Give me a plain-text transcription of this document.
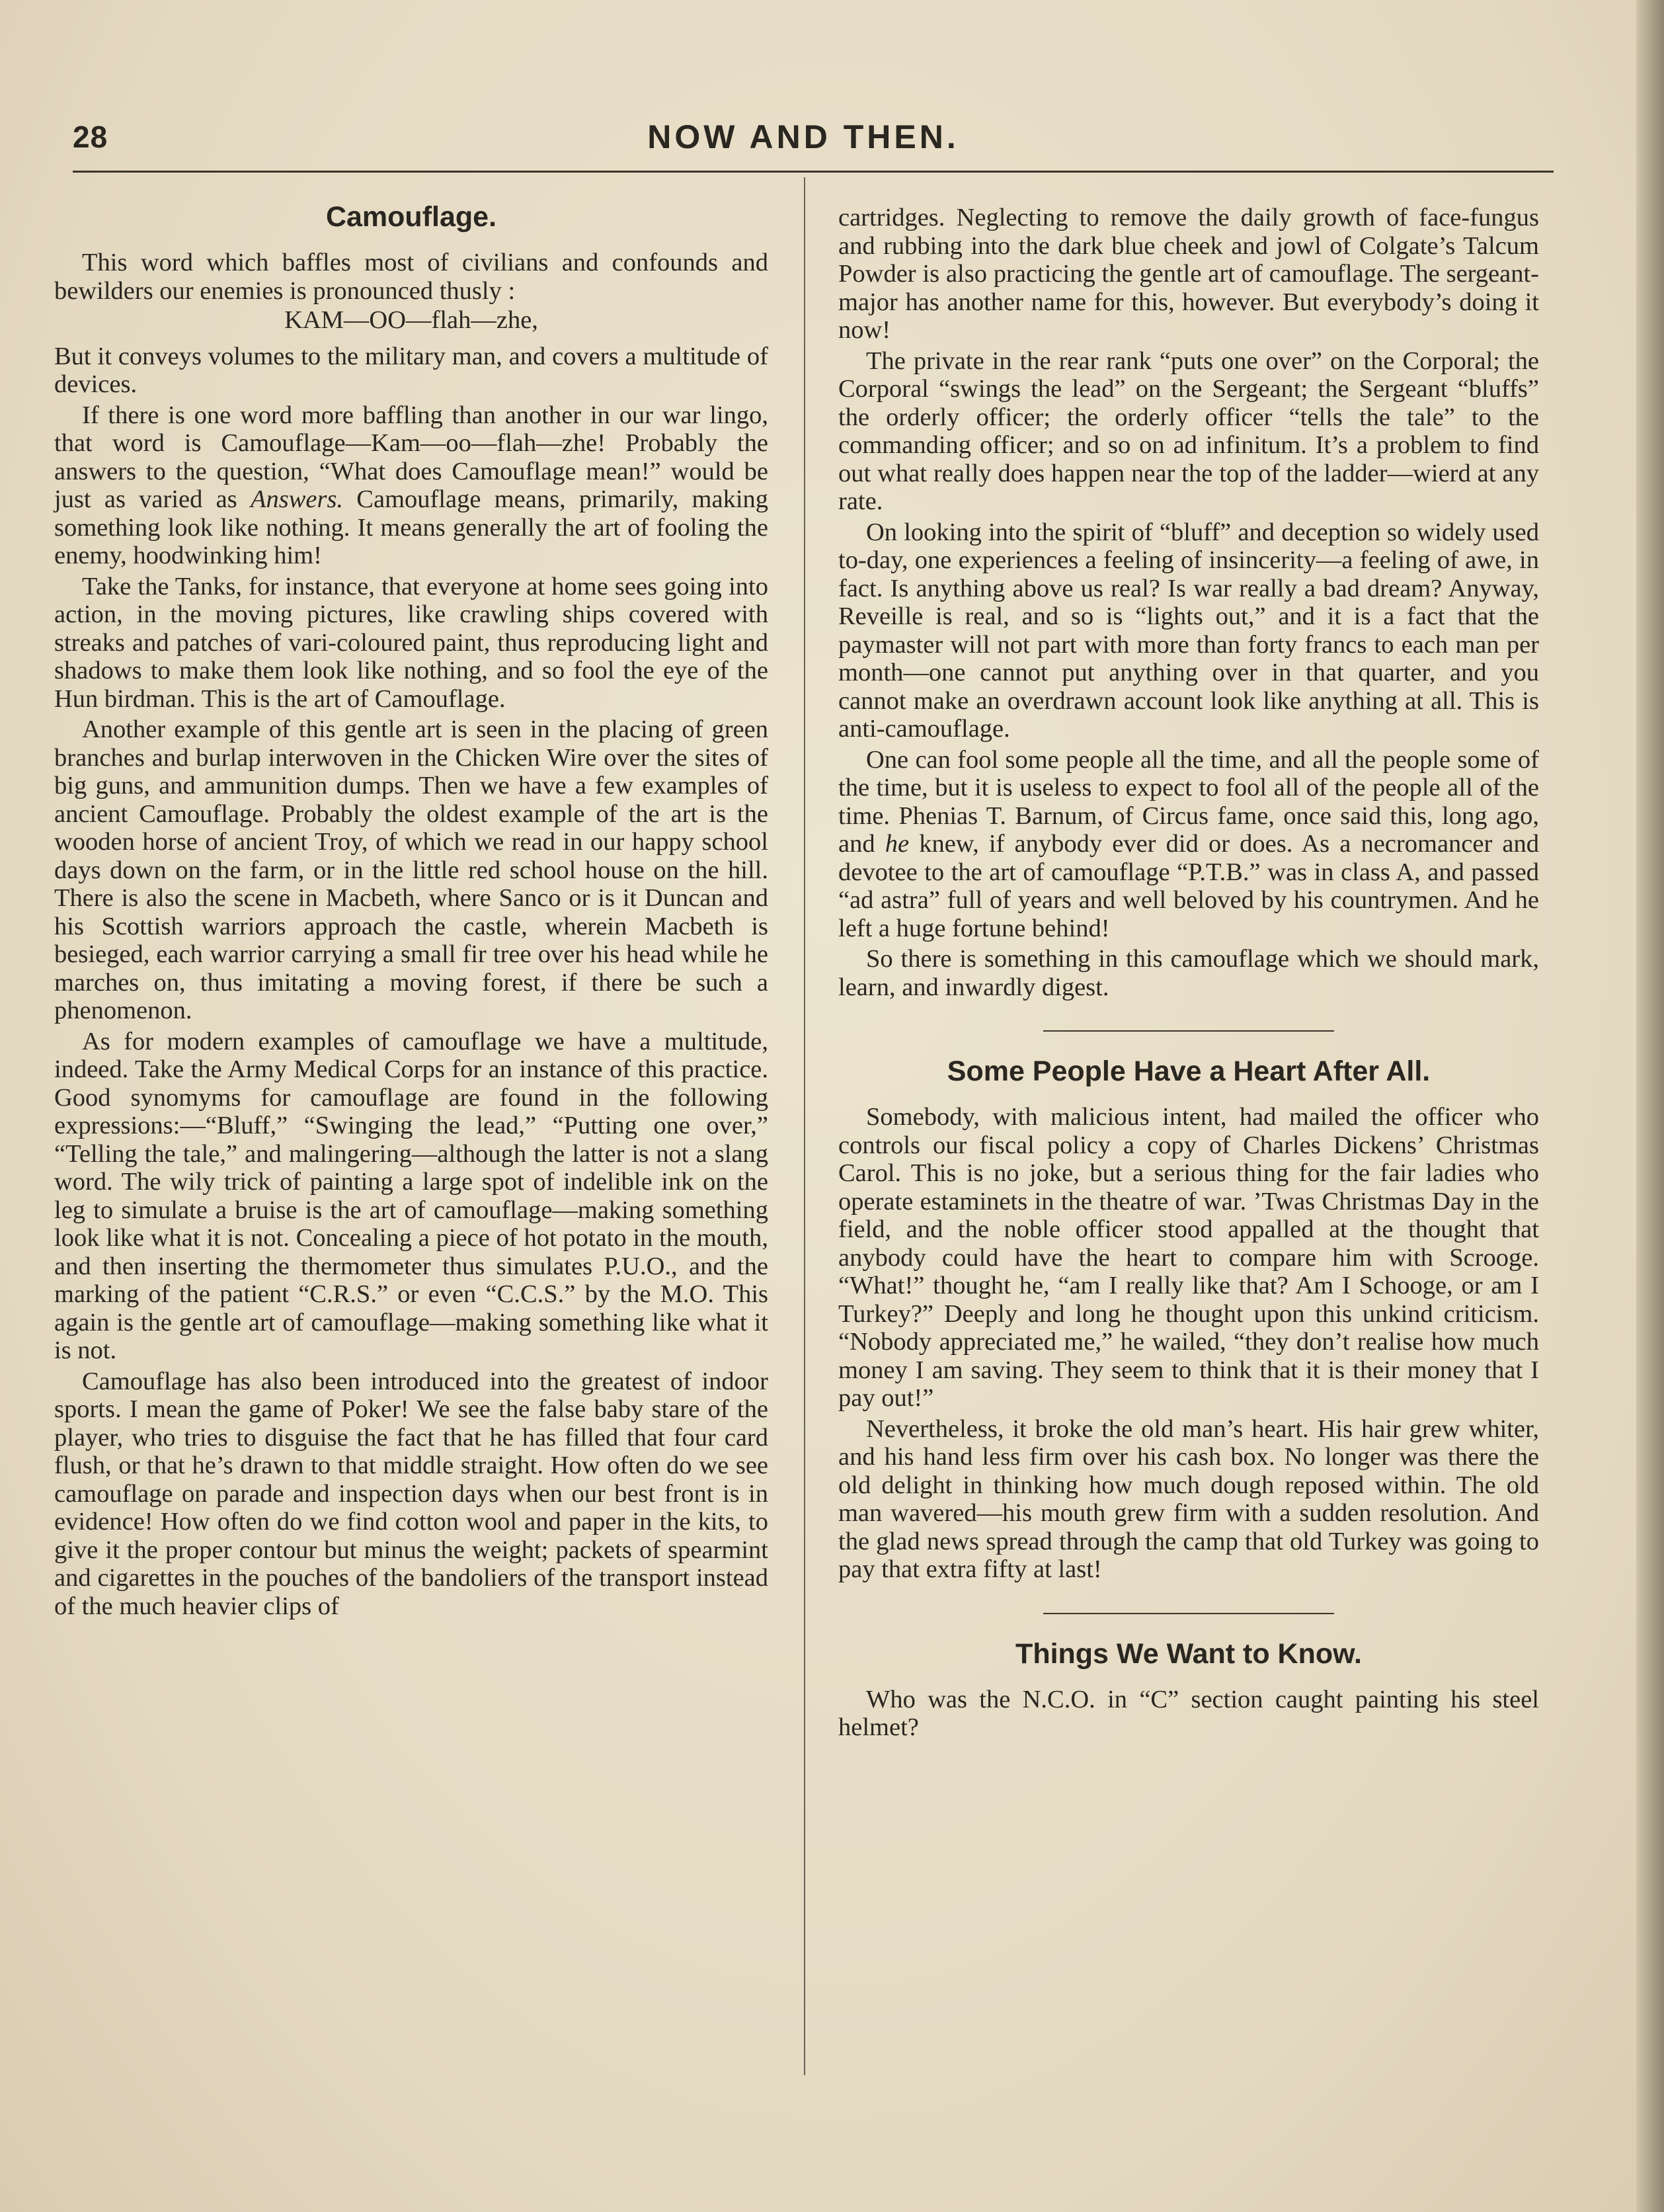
28	NOW AND THEN.
Camouflage.

This word which baffles most of civilians and confounds and bewilders our enemies is pronounced thusly :

KAM—OO—flah—zhe,

But it conveys volumes to the military man, and covers a multitude of devices.

If there is one word more baffling than another in our war lingo, that word is Camouflage—Kam—oo—flah—zhe! Probably the answers to the question, “What does Camouflage mean!” would be just as varied as Answers. Camouflage means, primarily, making something look like nothing. It means generally the art of fooling the enemy, hoodwinking him!

Take the Tanks, for instance, that everyone at home sees going into action, in the moving pictures, like crawling ships covered with streaks and patches of vari-coloured paint, thus reproducing light and shadows to make them look like nothing, and so fool the eye of the Hun birdman. This is the art of Camouflage.

Another example of this gentle art is seen in the placing of green branches and burlap interwoven in the Chicken Wire over the sites of big guns, and ammunition dumps. Then we have a few examples of ancient Camouflage. Probably the oldest example of the art is the wooden horse of ancient Troy, of which we read in our happy school days down on the farm, or in the little red school house on the hill. There is also the scene in Macbeth, where Sanco or is it Duncan and his Scottish warriors approach the castle, wherein Macbeth is besieged, each warrior carrying a small fir tree over his head while he marches on, thus imitating a moving forest, if there be such a phenomenon.

As for modern examples of camouflage we have a multitude, indeed. Take the Army Medical Corps for an instance of this practice. Good synomyms for camouflage are found in the following expressions:—“Bluff,” “Swinging the lead,” “Putting one over,” “Telling the tale,” and malingering—although the latter is not a slang word. The wily trick of painting a large spot of indelible ink on the leg to simulate a bruise is the art of camouflage—making something look like what it is not. Concealing a piece of hot potato in the mouth, and then inserting the thermometer thus simulates P.U.O., and the marking of the patient “C.R.S.” or even “C.C.S.” by the M.O. This again is the gentle art of camouflage—making something like what it is not.

Camouflage has also been introduced into the greatest of indoor sports. I mean the game of Poker! We see the false baby stare of the player, who tries to disguise the fact that he has filled that four card flush, or that he’s drawn to that middle straight. How often do we see camouflage on parade and inspection days when our best front is in evidence! How often do we find cotton wool and paper in the kits, to give it the proper contour but minus the weight; packets of spearmint and cigarettes in the pouches of the bandoliers of the transport instead of the much heavier clips of

cartridges. Neglecting to remove the daily growth of face-fungus and rubbing into the dark blue cheek and jowl of Colgate’s Talcum Powder is also practicing the gentle art of camouflage. The sergeant-major has another name for this, however. But everybody’s doing it now!

The private in the rear rank “puts one over” on the Corporal; the Corporal “swings the lead” on the Sergeant; the Sergeant “bluffs” the orderly officer; the orderly officer “tells the tale” to the commanding officer; and so on ad infinitum. It’s a problem to find out what really does happen near the top of the ladder—wierd at any rate.

On looking into the spirit of “bluff” and deception so widely used to-day, one experiences a feeling of insincerity—a feeling of awe, in fact. Is anything above us real? Is war really a bad dream? Anyway, Reveille is real, and so is “lights out,” and it is a fact that the paymaster will not part with more than forty francs to each man per month—one cannot put anything over in that quarter, and you cannot make an overdrawn account look like anything at all. This is anti-camouflage.

One can fool some people all the time, and all the people some of the time, but it is useless to expect to fool all of the people all of the time. Phenias T. Barnum, of Circus fame, once said this, long ago, and he knew, if anybody ever did or does. As a necromancer and devotee to the art of camouflage “P.T.B.” was in class A, and passed “ad astra” full of years and well beloved by his countrymen. And he left a huge fortune behind!

So there is something in this camouflage which we should mark, learn, and inwardly digest.

Some People Have a Heart After All.

Somebody, with malicious intent, had mailed the officer who controls our fiscal policy a copy of Charles Dickens’ Christmas Carol. This is no joke, but a serious thing for the fair ladies who operate estaminets in the theatre of war. ’Twas Christmas Day in the field, and the noble officer stood appalled at the thought that anybody could have the heart to compare him with Scrooge. “What!” thought he, “am I really like that? Am I Schooge, or am I Turkey?” Deeply and long he thought upon this unkind criticism. “Nobody appreciated me,” he wailed, “they don’t realise how much money I am saving. They seem to think that it is their money that I pay out!”

Nevertheless, it broke the old man’s heart. His hair grew whiter, and his hand less firm over his cash box. No longer was there the old delight in thinking how much dough reposed within. The old man wavered—his mouth grew firm with a sudden resolution. And the glad news spread through the camp that old Turkey was going to pay that extra fifty at last!

Things We Want to Know.

Who was the N.C.O. in “C” section caught painting his steel helmet?
